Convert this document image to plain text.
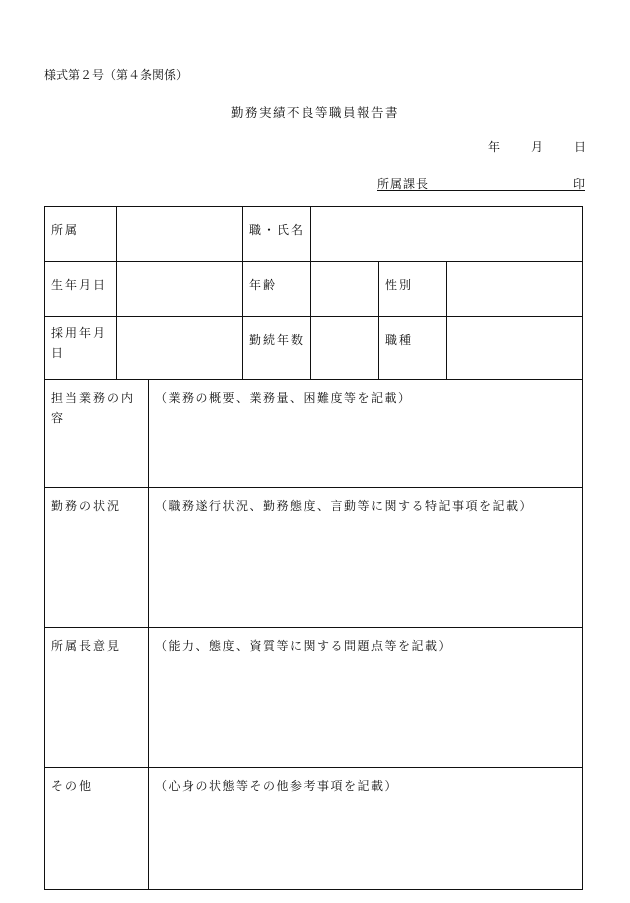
様式第２号（第４条関係）
勤務実績不良等職員報告書
年	月	日
所属課長	印
所属			職・氏名			
生年月日			年齢		性別	
採用年月日			勤続年数		職種	
担当業務の内容		（業務の概要、業務量、困難度等を記載）				
勤務の状況		（職務遂行状況、勤務態度、言動等に関する特記事項を記載）				
所属長意見		（能力、態度、資質等に関する問題点等を記載）				
その他		（心身の状態等その他参考事項を記載）				
